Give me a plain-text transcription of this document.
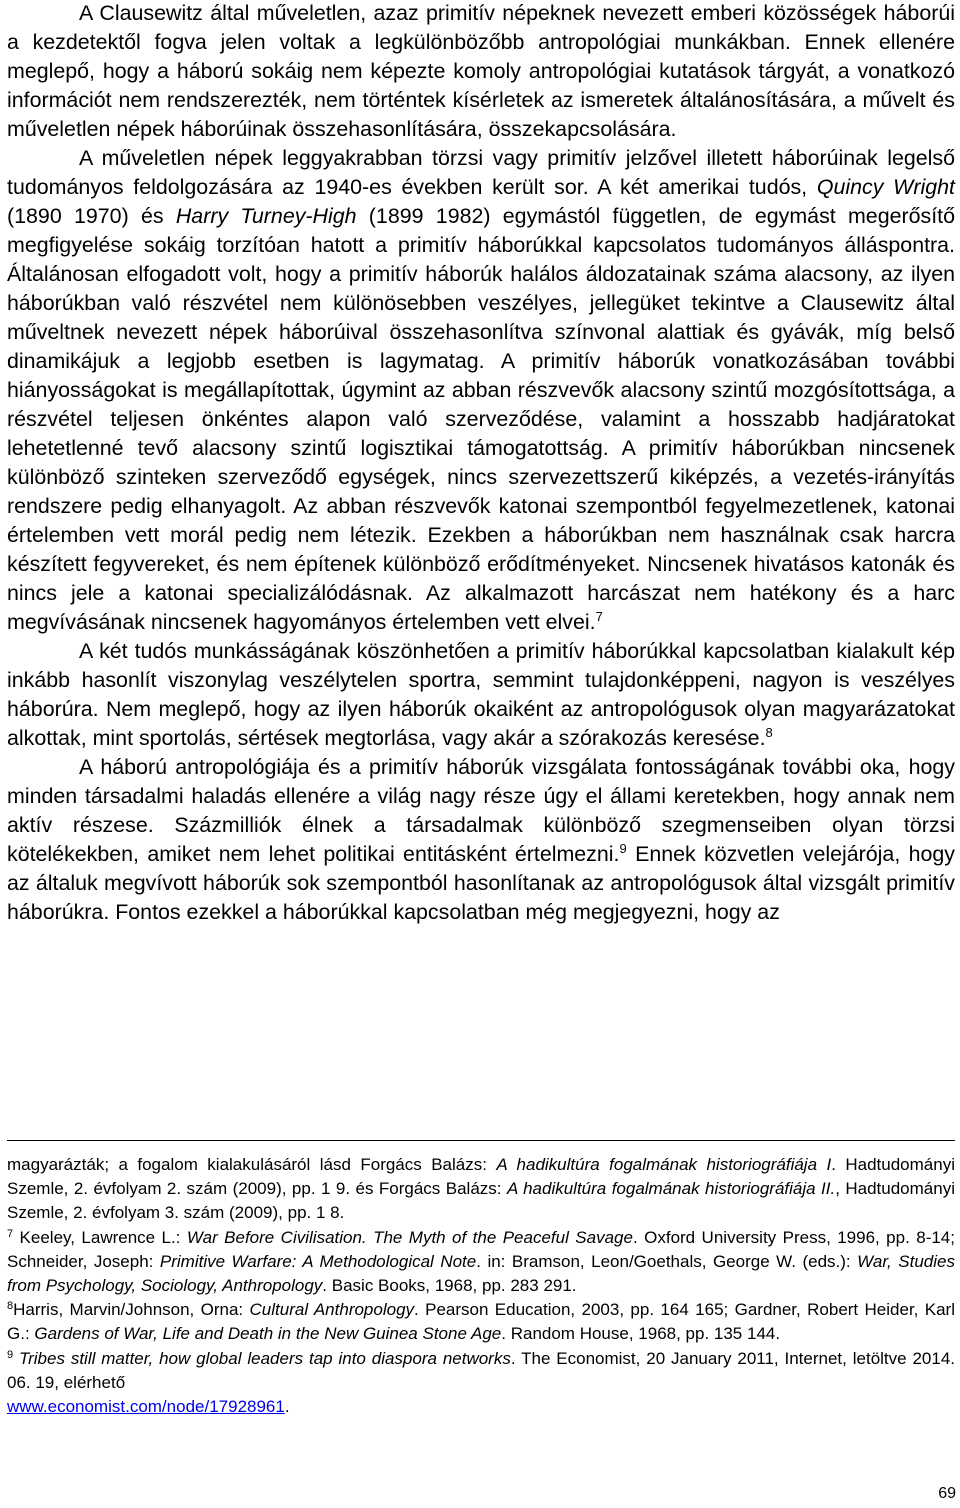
A Clausewitz által műveletlen, azaz primitív népeknek nevezett emberi közösségek háborúi a kezdetektől fogva jelen voltak a legkülönbözőbb antropológiai munkákban. Ennek ellenére meglepő, hogy a háború sokáig nem képezte komoly antropológiai kutatások tárgyát, a vonatkozó információt nem rendszerezték, nem történtek kísérletek az ismeretek általánosítására, a művelt és műveletlen népek háborúinak összehasonlítására, összekapcsolására.

A műveletlen népek leggyakrabban törzsi vagy primitív jelzővel illetett háborúinak legelső tudományos feldolgozására az 1940-es években került sor. A két amerikai tudós, Quincy Wright (1890 1970) és Harry Turney-High (1899 1982) egymástól független, de egymást megerősítő megfigyelése sokáig torzítóan hatott a primitív háborúkkal kapcsolatos tudományos álláspontra. Általánosan elfogadott volt, hogy a primitív háborúk halálos áldozatainak száma alacsony, az ilyen háborúkban való részvétel nem különösebben veszélyes, jellegüket tekintve a Clausewitz által műveltnek nevezett népek háborúival összehasonlítva színvonal alattiak és gyávák, míg belső dinamikájuk a legjobb esetben is lagymatag. A primitív háborúk vonatkozásában további hiányosságokat is megállapítottak, úgymint az abban részvevők alacsony szintű mozgósítottsága, a részvétel teljesen önkéntes alapon való szerveződése, valamint a hosszabb hadjáratokat lehetetlenné tevő alacsony szintű logisztikai támogatottság. A primitív háborúkban nincsenek különböző szinteken szerveződő egységek, nincs szervezettszerű kiképzés, a vezetés-irányítás rendszere pedig elhanyagolt. Az abban részvevők katonai szempontból fegyelmezetlenek, katonai értelemben vett morál pedig nem létezik. Ezekben a háborúkban nem használnak csak harcra készített fegyvereket, és nem építenek különböző erődítményeket. Nincsenek hivatásos katonák és nincs jele a katonai specializálódásnak. Az alkalmazott harcászat nem hatékony és a harc megvívásának nincsenek hagyományos értelemben vett elvei.$^7$

A két tudós munkásságának köszönhetően a primitív háborúkkal kapcsolatban kialakult kép inkább hasonlít viszonylag veszélytelen sportra, semmint tulajdonképpeni, nagyon is veszélyes háborúra. Nem meglepő, hogy az ilyen háborúk okaiként az antropológusok olyan magyarázatokat alkottak, mint sportolás, sértések megtorlása, vagy akár a szórakozás keresése.$^8$

A háború antropológiája és a primitív háborúk vizsgálata fontosságának további oka, hogy minden társadalmi haladás ellenére a világ nagy része úgy el állami keretekben, hogy annak nem aktív részese. Százmilliók élnek a társadalmak különböző szegmenseiben olyan törzsi kötelékekben, amiket nem lehet politikai entitásként értelmezni.$^9$ Ennek közvetlen velejárója, hogy az általuk megvívott háborúk sok szempontból hasonlítanak az antropológusok által vizsgált primitív háborúkra. Fontos ezekkel a háborúkkal kapcsolatban még megjegyezni, hogy az

magyarázták; a fogalom kialakulásáról lásd Forgács Balázs: A hadikultúra fogalmának historiográfiája I. Hadtudományi Szemle, 2. évfolyam 2. szám (2009), pp. 1 9. és Forgács Balázs: A hadikultúra fogalmának historiográfiája II., Hadtudományi Szemle, 2. évfolyam 3. szám (2009), pp. 1 8.

$^7$ Keeley, Lawrence L.: War Before Civilisation. The Myth of the Peaceful Savage. Oxford University Press, 1996, pp. 8-14; Schneider, Joseph: Primitive Warfare: A Methodological Note. in: Bramson, Leon/Goethals, George W. (eds.): War, Studies from Psychology, Sociology, Anthropology. Basic Books, 1968, pp. 283 291.

$^8$Harris, Marvin/Johnson, Orna: Cultural Anthropology. Pearson Education, 2003, pp. 164 165; Gardner, Robert Heider, Karl G.: Gardens of War, Life and Death in the New Guinea Stone Age. Random House, 1968, pp. 135 144.

$^9$ Tribes still matter, how global leaders tap into diaspora networks. The Economist, 20 January 2011, Internet, letöltve 2014. 06. 19, elérhető
www.economist.com/node/17928961.

69
